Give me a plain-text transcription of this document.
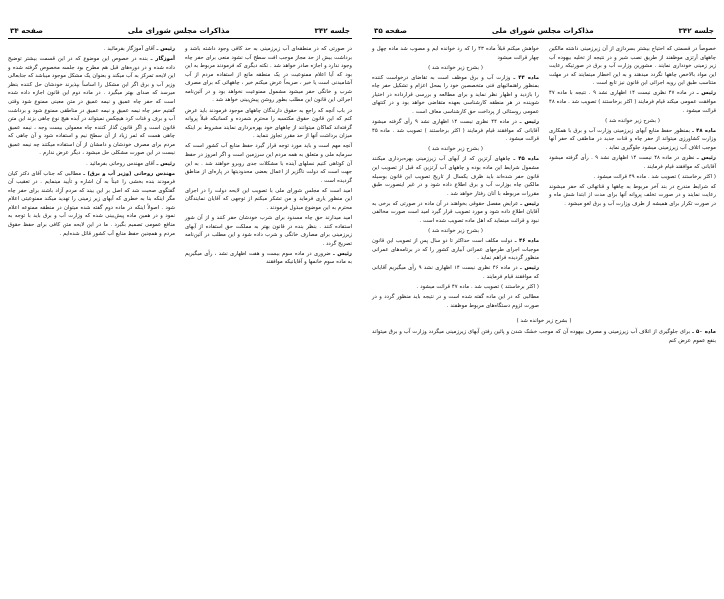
جلسه ۳۴۲
مذاکرات مجلس شورای ملی
صفحه ۳۵

خواهش میکنم قبلاً ماده ۴۳ را که رد خوانده ایم و مصوب شد ماده چهل و چهار قرائت میشود

( بشرح زیر خوانده شد )

ماده ۴۴ ـ وزارت آب و برق موظف است به تقاضای درخواست کننده بمنظور راهنمائیهای فنی متخصصین خود را بمحل اعزام و تشکیل حفر چاه را بازدید و اظهار نظر نماید و برای مطالعه و بررسی قرارداده در اختیار شوینده در هر منطقه کارشناسی بعهده متقاضی خواهد بود و در کنتهای عمومی روستائی از پرداخت حق کارشناسی معاف است .

رئیس ـ در ماده ۴۴ نظری نیست ۱۴ اظهاری نشد ۹ رأی گرفته میشود آقایانی که موافقند قیام فرمایند ( اکثر برخاستند ) تصویب شد . ماده ۴۵ قرائت میشود .

( بشرح زیر خوانده شد )

ماده ۴۵ ـ چاههای آرتزین که از آبهای آب زیرزمینی بهره‌برداری میکنند مشمول شرایط این ماده بوده و چاههای آب آرتزین که قبل از تصویب این قانون حفر شده‌اند باید ظرف یکسال از تاریخ تصویب این قانون بوسیله مالکین چاه بوزارت آب و برق اطلاع داده شود و در غیر اینصورت طبق مقررات مربوطه با آنان رفتار خواهد شد .

رئیس ـ عرایض مفصل حقوقی بخواهند در آن ماده در صورتی که برخی به آقایان اطلاع داده شود و مورد تصویب قرار گیرد امید است صورت مخالفی نبود و قرائت مینماید که اهل ماده تصویب شده است .

( بشرح زیر خوانده شد )

ماده ۴۶ ـ دولت مکلف است حداکثر تا دو سال پس از تصویب این قانون موجبات اجرای طرحهای عمرانی آبیاری کشور را که در برنامه‌های عمرانی منظور گردیده فراهم نماید .

رئیس ـ در ماده ۴۶ نظری نیست ۱۴ اظهاری نشد ۹ رأی میگیریم آقایانی که موافقند قیام فرمایند .

( اکثر برخاستند ) تصویب شد . ماده ۴۷ قرائت میشود .

مطالبی که در این ماده گفته شده است و در نتیجه باید منظور گردد و در صورت لزوم دستگاه‌های مربوط موظفند .

خصوصاً در قسمتی که احتیاج بیشتر بسردازی از آن زیرزمینی داشته مالکین چاههای آرتزی موظفند از طریق نصب شیر و در نتیجه از تخلیه بیهوده آب زیر زمینی خودداری نمایند . مشورین وزارت آب و برق در صورتیکه رعایت این مواد بالاخص چاهها نگردد میدهند و به این اخطار مینمایند که در مهلت متناسب طبق این رویه اجرائی این قانون نیز تابع است .

رئیس ـ در ماده ۴۷ نظری نیست ۱۴ اظهاری نشد ۹ . نتیجه با ماده ۴۷ موافقت عمومی میکند قیام فرمایند ( اکثر برخاستند ) تصویب شد . ماده ۴۸ قرائت میشود .

( بشرح زیر خوانده شد )

ماده ۴۸ ـ بمنظور حفظ منابع آبهای زیرزمینی وزارت آب و برق با همکاری وزارت کشاورزی میتواند از حفر چاه و قنات جدید در مناطقی که حفر آنها موجب اتلاف آب زیرزمینی میشود جلوگیری نماید .

رئیس ـ نظری در ماده ۴۸ نیست ۱۴ اظهاری نشد ۹ . رأی گرفته میشود آقایانی که موافقند قیام فرمایند .

( اکثر برخاستند ) تصویب شد . ماده ۴۹ قرائت میشود .

که شرایط مندرج در بند آخر مربوط به چاهها و قناتهائی که حفر میشوند رعایت نمایند و در صورت تخلف پروانه آنها برای مدت از ابتدا شش ماه و در صورت تکرار برای همیشه از طرف وزارت آب و برق لغو میشود .

( بشرح زیر خوانده شد )

ماده ۵۰ ـ برای جلوگیری از اتلاف آب زیرزمینی و مصرف بیهوده آن که موجب خشک شدن و پائین رفتن آبهای زیرزمینی میگردد وزارت آب و برق میتواند بنفع عموم عرض کنم

جلسه ۳۴۲
مذاکرات مجلس شورای ملی
صفحه ۳۴

رئیس ـ آقای آموزگار بفرمائید .

آموزگار ـ بنده در خصوص این موضوع که در این قسمت بیشتر توضیح داده شده و در دوره‌های قبل هم مطرح بود جلسه مخصوص گرفته شده و این لایحه تمرکز به آب میکند و بعنوان یک مشکل موجود میباشد که جنابعالی وزیر آب و برق اگر این مشکل را اساساً بپذیرند خودشان حل کننده بنظر میرسد که صدای بهتر میگیرد . در ماده دوم این قانون اجازه داده شده است که حفر چاه عمیق و نیمه عمیق در متن معینی ممنوع شود وقتی گفتیم حفر چاه نیمه عمیق و نیمه عمیق در مناطقی ممنوع شود و برداشت آب و برف و قنات کرد هیچکس نمیتواند در آبده هیچ نوع چاهی بزند این متن قانون است و اگر قانون گذار کننده چاه معمولی بیست وجه ، نیمه عمیق چاهی هست که ثمر زیاد از آن سطح نیم و استفاده شود و آن چاهی که مردم برای مصرف خودشان و دامشان از آن استفاده میکنند چه نیمه عمیق نیست در این صورت مشکلی حل میشود ، دیگر عرض ندارم .

رئیس ـ آقای مهندس روحانی بفرمائید .

مهندس روحانی (وزیر آب و برق) ـ مطالبی که جناب آقای دکتر کیان فرمودند بنده بخشی را عیناً به آن اشاره و تأیید مینمایم . در تعقیب آن گفتگوی صحبت شد که اصل بر این بیند که مردم آزاد باشند برای حفر چاه مگر اینکه بنا به خطری که آبهای زیر زمینی را تهدید میکند ممنوعیتی اعلام شود . اصولاً اینکه در ماده دوم گفته شده میتوان در منطقه ممنوعه اعلام نمود و در همین ماده پیش‌بینی شده که وزارت آب و برق باید با توجه به منافع عمومی تصمیم بگیرد . ما در این لایحه متن کافی برای حفظ حقوق مردم و همچنین حفظ منابع آب کشور قائل شده‌ایم .

در صورتی که در منطقه‌ای آب زیرزمینی به حد کافی وجود داشته باشد و برداشت بیش از حد مجاز موجب افت سطح آب نشود منعی برای حفر چاه وجود ندارد و اجازه صادر خواهد شد . نکته دیگری که فرمودند مربوط به این بود که آیا اعلام ممنوعیت در یک منطقه مانع از استفاده مردم از آب آشامیدنی است یا خیر ، صریحاً عرض میکنم خیر ، چاههائی که برای مصرف شرب و خانگی حفر میشود مشمول ممنوعیت نخواهد بود و در آئین‌نامه اجرائی این قانون این مطلب بطور روشن پیش‌بینی خواهد شد .

در باب آنچه که راجع به حقوق دارندگان چاههای موجود فرمودند باید عرض کنم که این قانون حقوق مکتسبه را محترم شمرده و کسانیکه قبلاً پروانه گرفته‌اند کماکان میتوانند از چاههای خود بهره‌برداری نمایند مشروط بر اینکه میزان برداشت آنها از حد مقرر تجاوز ننماید .

آنچه مهم است و باید مورد توجه قرار گیرد حفظ منابع آب کشور است که سرمایه ملی و متعلق به همه مردم این سرزمین است و اگر امروز در حفظ آن کوتاهی کنیم نسلهای آینده با مشکلات جدی روبرو خواهند شد . به این جهت است که دولت ناگزیر از اعمال بعضی محدودیتها در پاره‌ای از مناطق گردیده است .

امید است که مجلس شورای ملی با تصویب این لایحه دولت را در اجرای این منظور یاری فرماید و من تشکر میکنم از توجهی که آقایان نمایندگان محترم به این موضوع مبذول فرمودند .

امید میدارند حق چاه مسدود برای شرب خودشان حفر کنند و از آن شور استفاده کنند . بنظر بنده در قانون بهتر به مملکت حق استفاده از آبهای زیرزمینی برای مصارف خانگی و شرب داده شود و این مطلب در آئین‌نامه تصریح گردد .

رئیس ـ ضروری در ماده سوم بیست و هفت اظهاری نشد ، رأی میگیریم به ماده سوم خانمها و آقایانیکه موافقند
